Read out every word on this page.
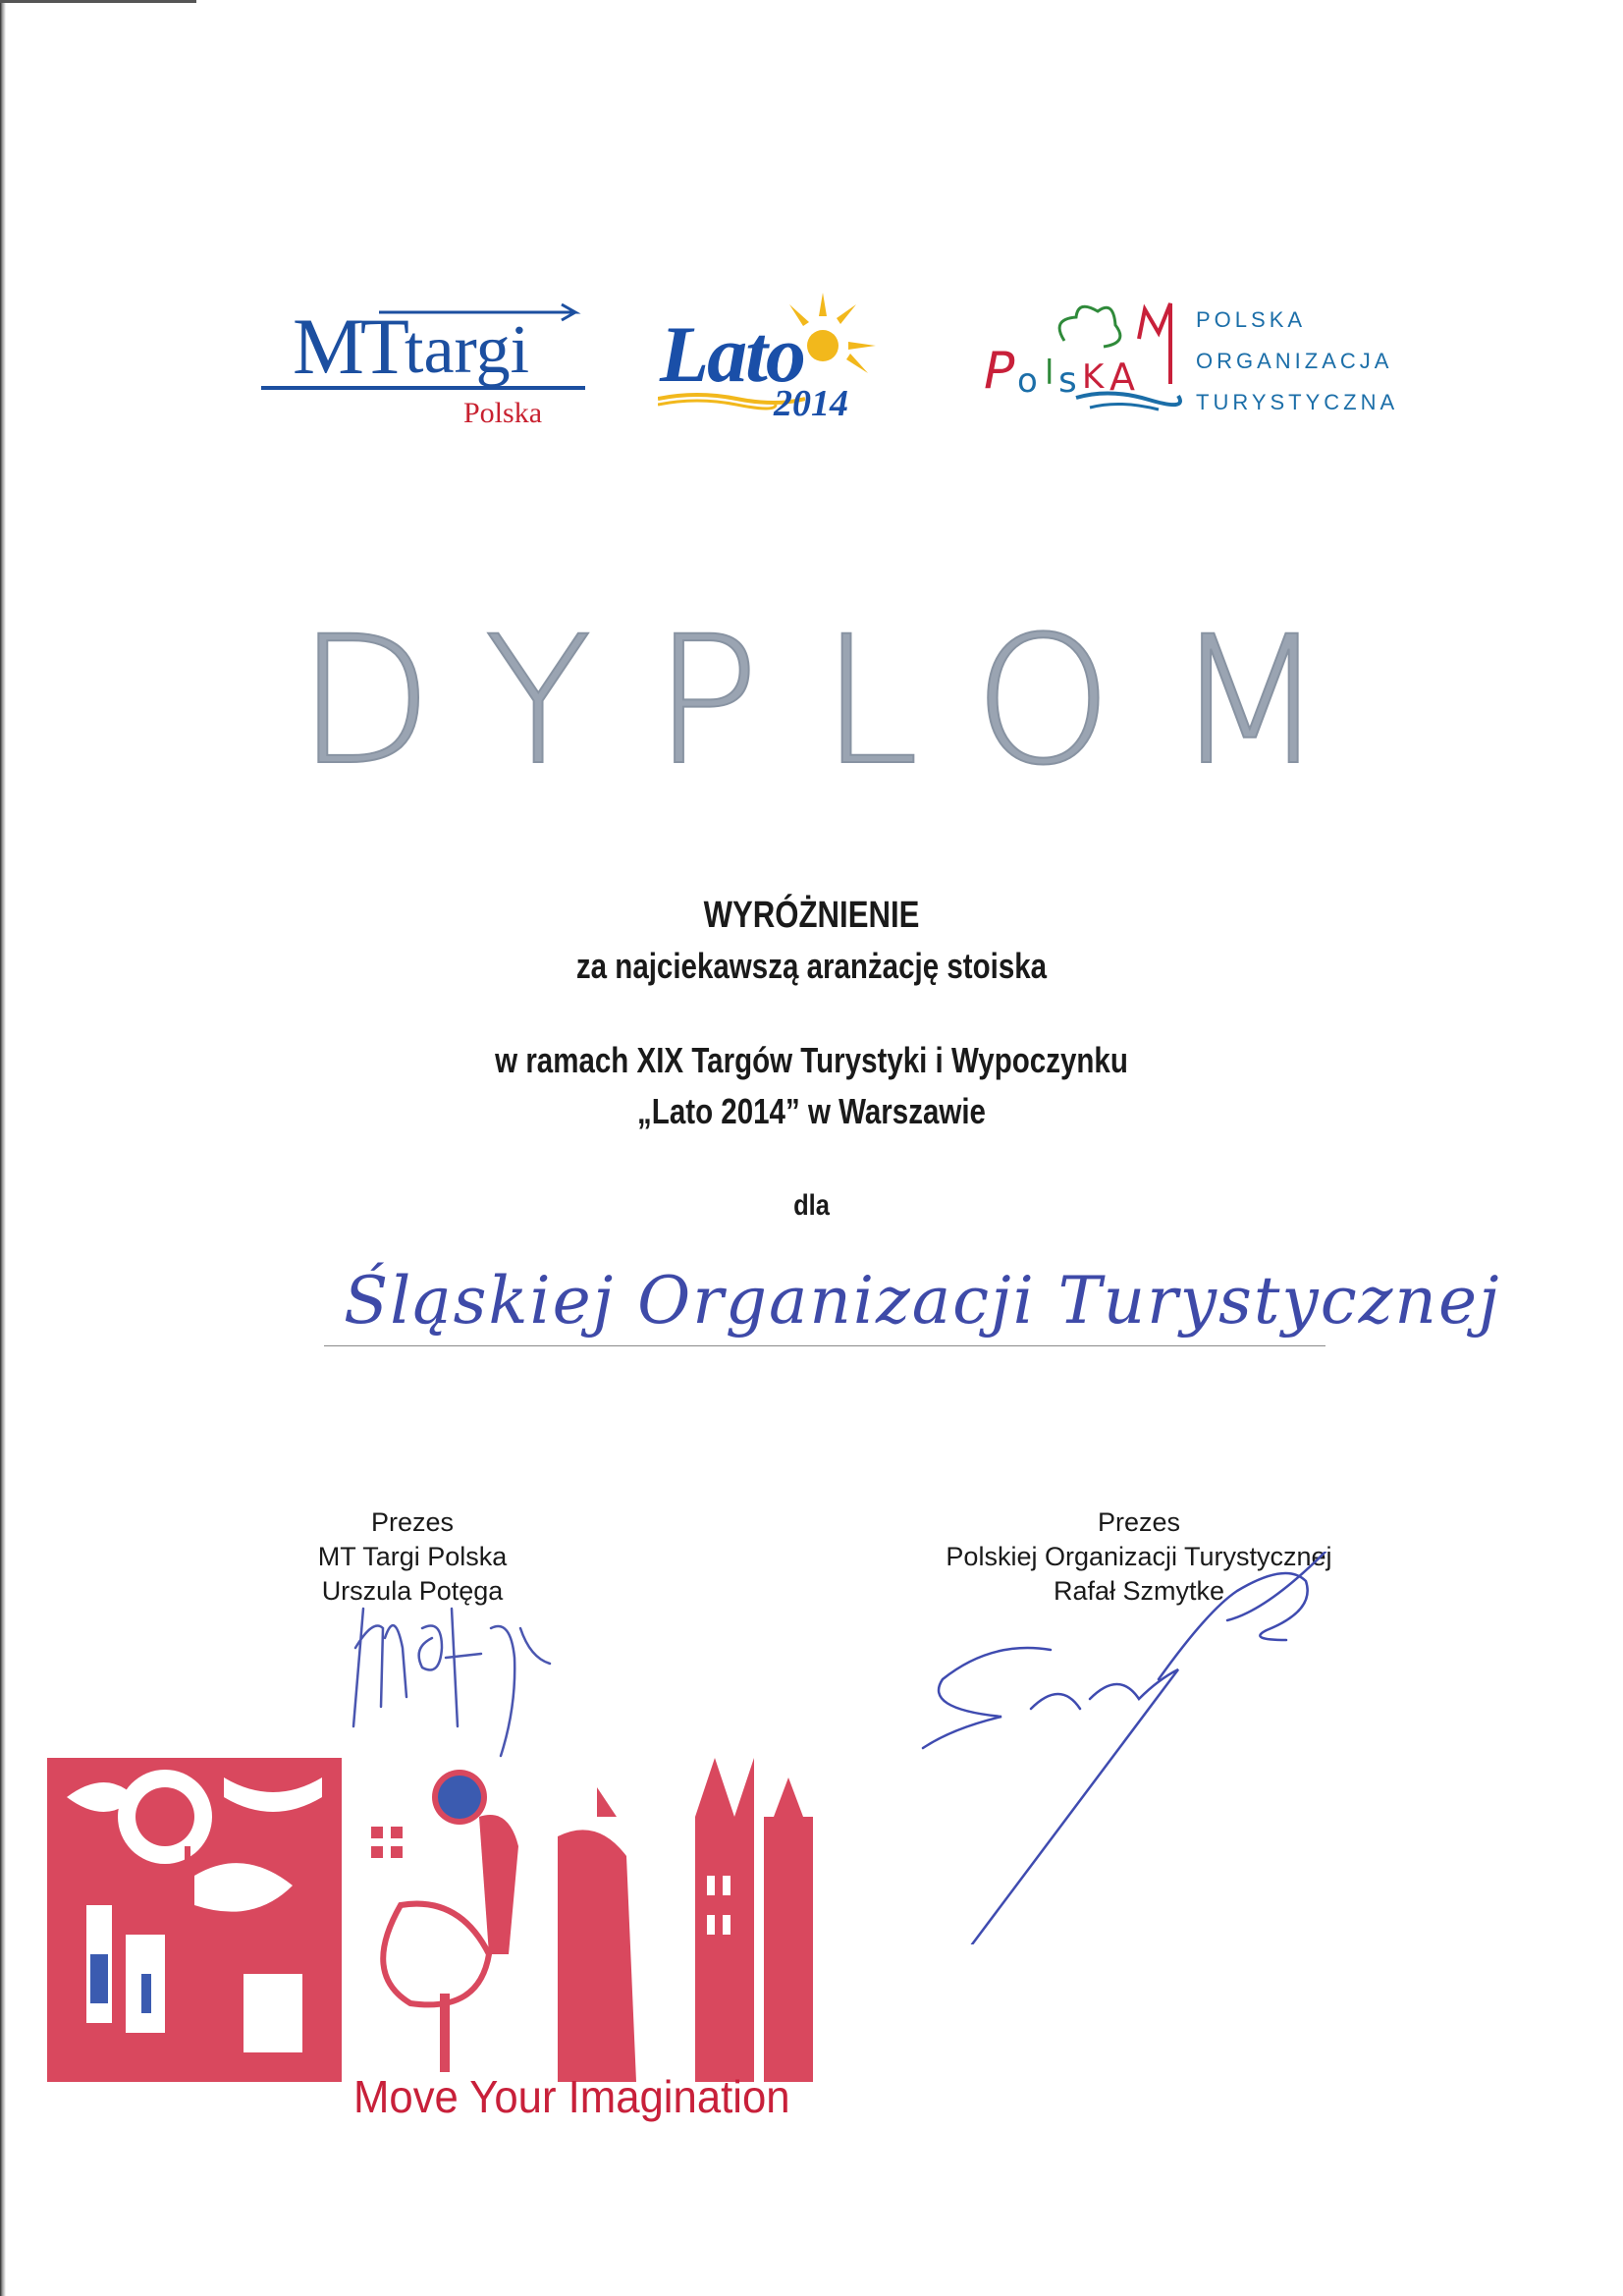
MT targi
Polska
Lato
2014
P o l s K A
POLSKA
ORGANIZACJA
TURYSTYCZNA
DYPLOM
WYRÓŻNIENIE
za najciekawszą aranżację stoiska
w ramach XIX Targów Turystyki i Wypoczynku
„Lato 2014” w Warszawie
dla
Śląskiej Organizacji Turystycznej
Prezes
MT Targi Polska
Urszula Potęga
Prezes
Polskiej Organizacji Turystycznej
Rafał Szmytke
Move Your Imagination
